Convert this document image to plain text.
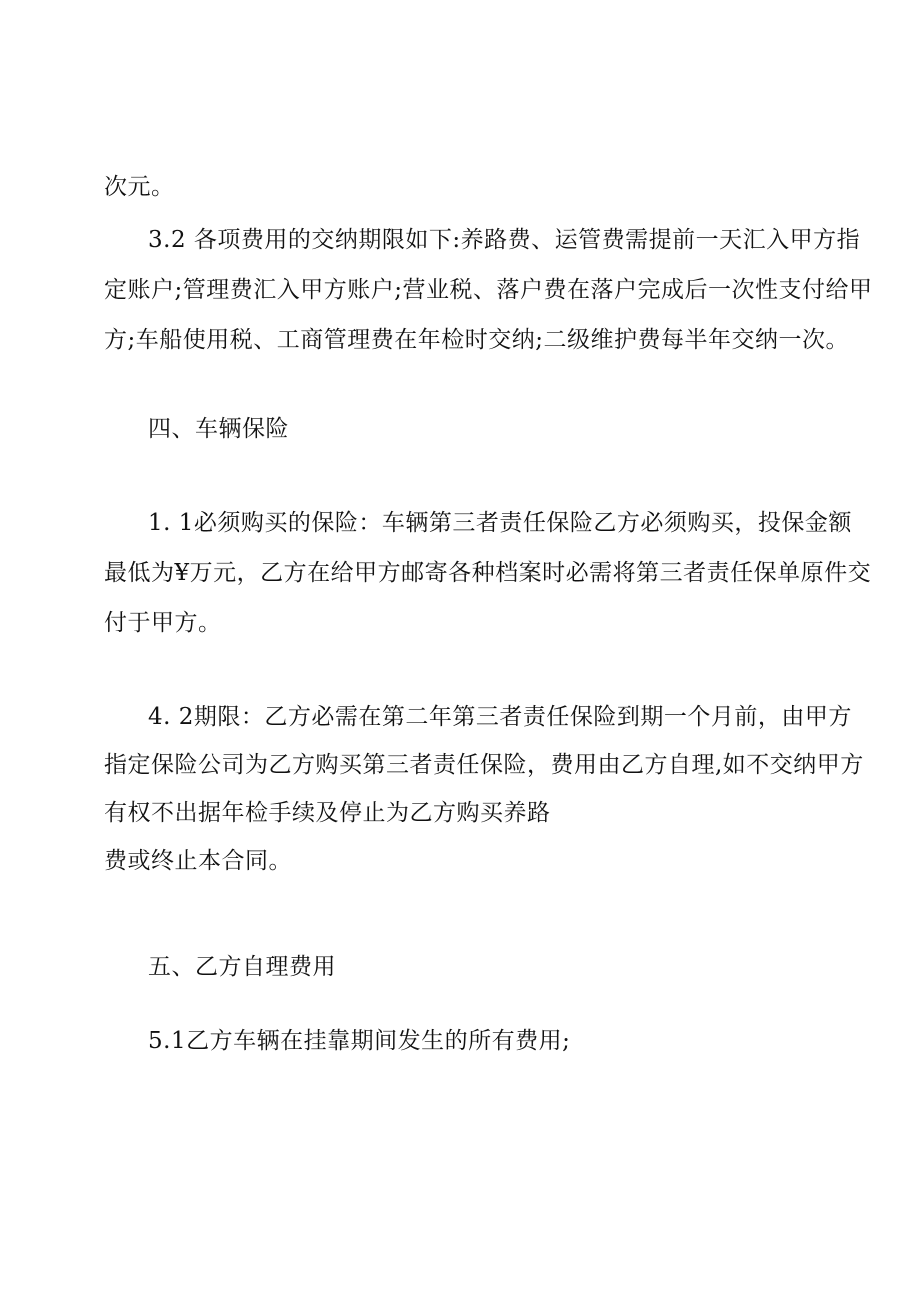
次元。
3.2 各项费用的交纳期限如下:养路费、运管费需提前一天汇入甲方指
定账户;管理费汇入甲方账户;营业税、落户费在落户完成后一次性支付给甲
方;车船使用税、工商管理费在年检时交纳;二级维护费每半年交纳一次。
四、车辆保险
1. 1必须购买的保险：车辆第三者责任保险乙方必须购买，投保金额
最低为¥万元，乙方在给甲方邮寄各种档案时必需将第三者责任保单原件交
付于甲方。
4. 2期限：乙方必需在第二年第三者责任保险到期一个月前，由甲方
指定保险公司为乙方购买第三者责任保险，费用由乙方自理,如不交纳甲方
有权不出据年检手续及停止为乙方购买养路
费或终止本合同。
五、乙方自理费用
5.1乙方车辆在挂靠期间发生的所有费用;
